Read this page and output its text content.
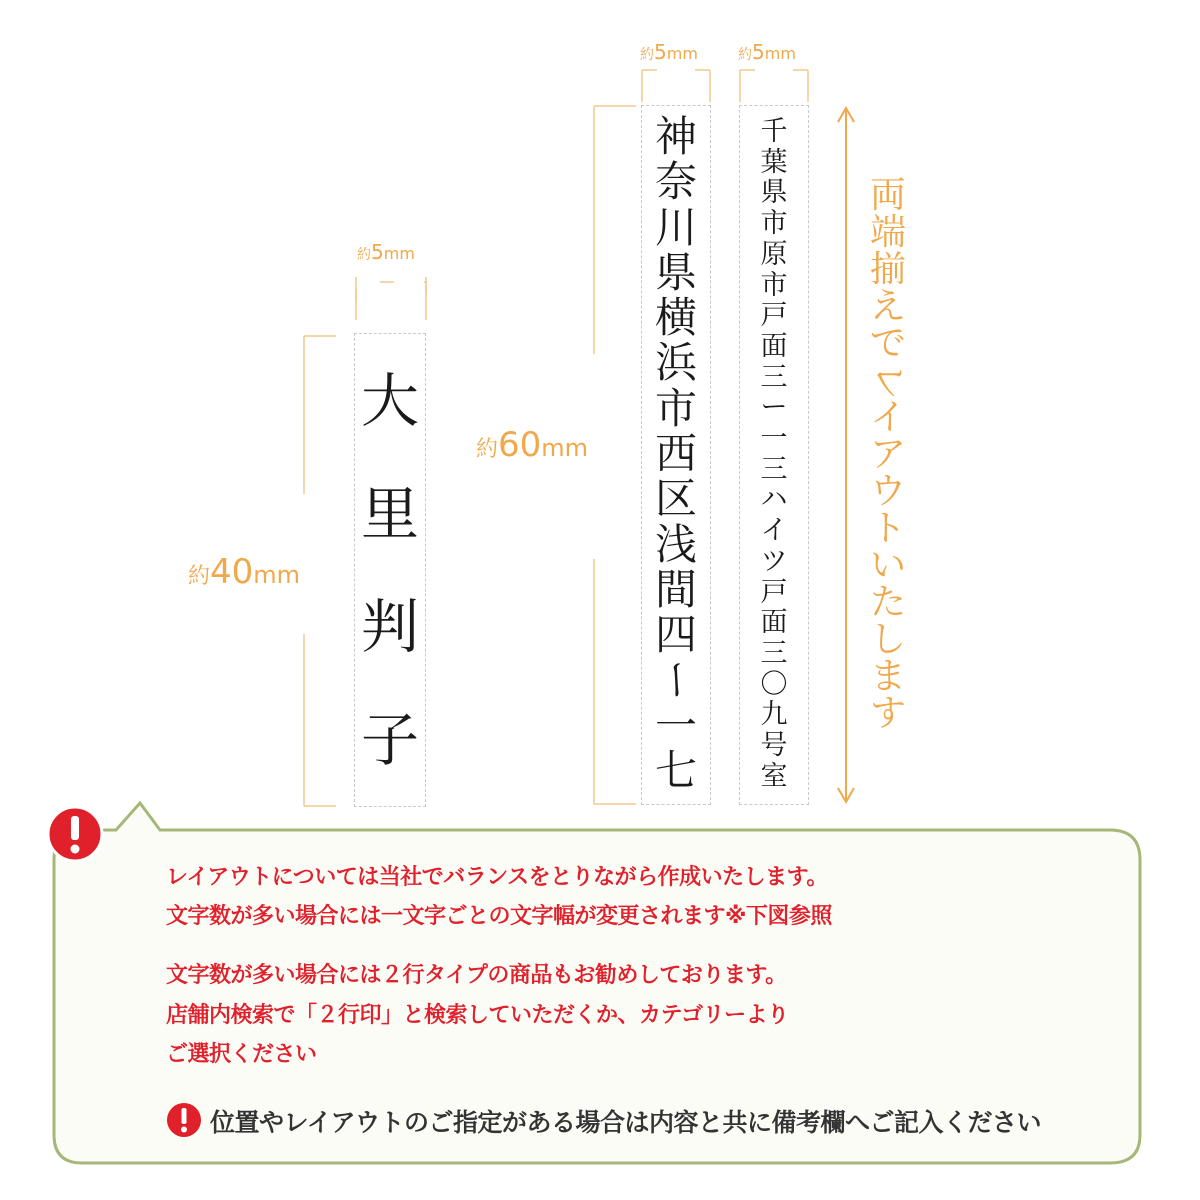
約5mm
約40mm
大
里
判
子
約5mm
約60mm
神
奈
川
県
横
浜
市
西
区
浅
間
四
ー
一
七
約5mm
千
葉
県
市
原
市
戸
面
三
ー
一
三
ハ
イ
ツ
戸
面
三
〇
九
号
室
両
端
揃
え
で
レ
イ
ア
ウ
ト
い
た
し
ま
す
レイアウトについては当社でバランスをとりながら作成いたします。
文字数が多い場合には一文字ごとの文字幅が変更されます※下図参照
文字数が多い場合には２行タイプの商品もお勧めしております。
店舗内検索で「２行印」と検索していただくか、カテゴリーより
ご選択ください
位置やレイアウトのご指定がある場合は内容と共に備考欄へご記入ください
